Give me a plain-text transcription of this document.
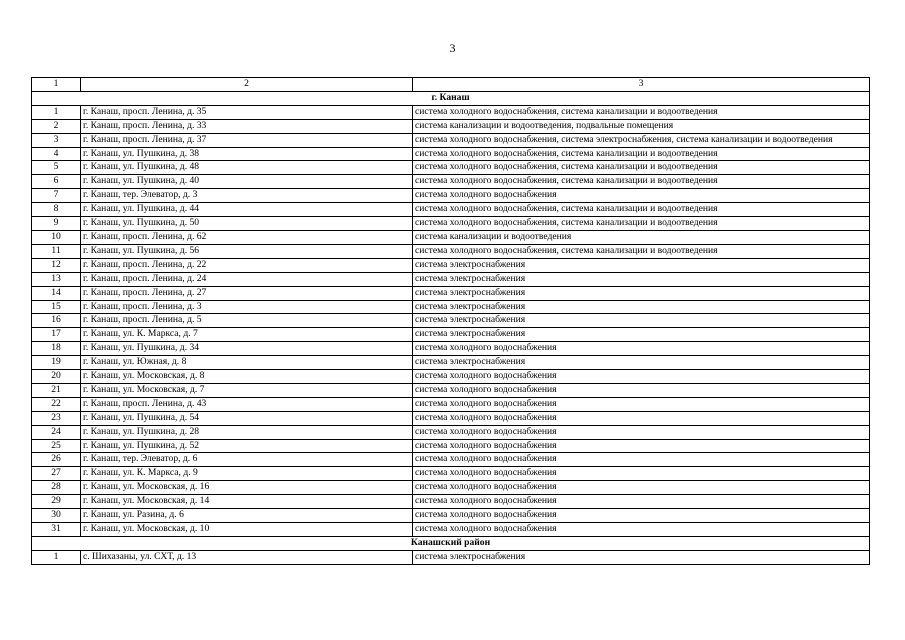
3
1	2	3
г. Канаш		
1	г. Канаш, просп. Ленина, д. 35	система холодного водоснабжения, система канализации и водоотведения
2	г. Канаш, просп. Ленина, д. 33	система канализации и водоотведения, подвальные помещения
3	г. Канаш, просп. Ленина, д. 37	система холодного водоснабжения, система электроснабжения, система канализации и водоотведения
4	г. Канаш, ул. Пушкина, д. 38	система холодного водоснабжения, система канализации и водоотведения
5	г. Канаш, ул. Пушкина, д. 48	система холодного водоснабжения, система канализации и водоотведения
6	г. Канаш, ул. Пушкина, д. 40	система холодного водоснабжения, система канализации и водоотведения
7	г. Канаш, тер. Элеватор, д. 3	система холодного водоснабжения
8	г. Канаш, ул. Пушкина, д. 44	система холодного водоснабжения, система канализации и водоотведения
9	г. Канаш, ул. Пушкина, д. 50	система холодного водоснабжения, система канализации и водоотведения
10	г. Канаш, просп. Ленина, д. 62	система канализации и водоотведения
11	г. Канаш, ул. Пушкина, д. 56	система холодного водоснабжения, система канализации и водоотведения
12	г. Канаш, просп. Ленина, д. 22	система электроснабжения
13	г. Канаш, просп. Ленина, д. 24	система электроснабжения
14	г. Канаш, просп. Ленина, д. 27	система электроснабжения
15	г. Канаш, просп. Ленина, д. 3	система электроснабжения
16	г. Канаш, просп. Ленина, д. 5	система электроснабжения
17	г. Канаш, ул. К. Маркса, д. 7	система электроснабжения
18	г. Канаш, ул. Пушкина, д. 34	система холодного водоснабжения
19	г. Канаш, ул. Южная, д. 8	система электроснабжения
20	г. Канаш, ул. Московская, д. 8	система холодного водоснабжения
21	г. Канаш, ул. Московская, д. 7	система холодного водоснабжения
22	г. Канаш, просп. Ленина, д. 43	система холодного водоснабжения
23	г. Канаш, ул. Пушкина, д. 54	система холодного водоснабжения
24	г. Канаш, ул. Пушкина, д. 28	система холодного водоснабжения
25	г. Канаш, ул. Пушкина, д. 52	система холодного водоснабжения
26	г. Канаш, тер. Элеватор, д. 6	система холодного водоснабжения
27	г. Канаш, ул. К. Маркса, д. 9	система холодного водоснабжения
28	г. Канаш, ул. Московская, д. 16	система холодного водоснабжения
29	г. Канаш, ул. Московская, д. 14	система холодного водоснабжения
30	г. Канаш, ул. Разина, д. 6	система холодного водоснабжения
31	г. Канаш, ул. Московская, д. 10	система холодного водоснабжения
Канашский район		
1	с. Шихазаны, ул. СХТ, д. 13	система электроснабжения
